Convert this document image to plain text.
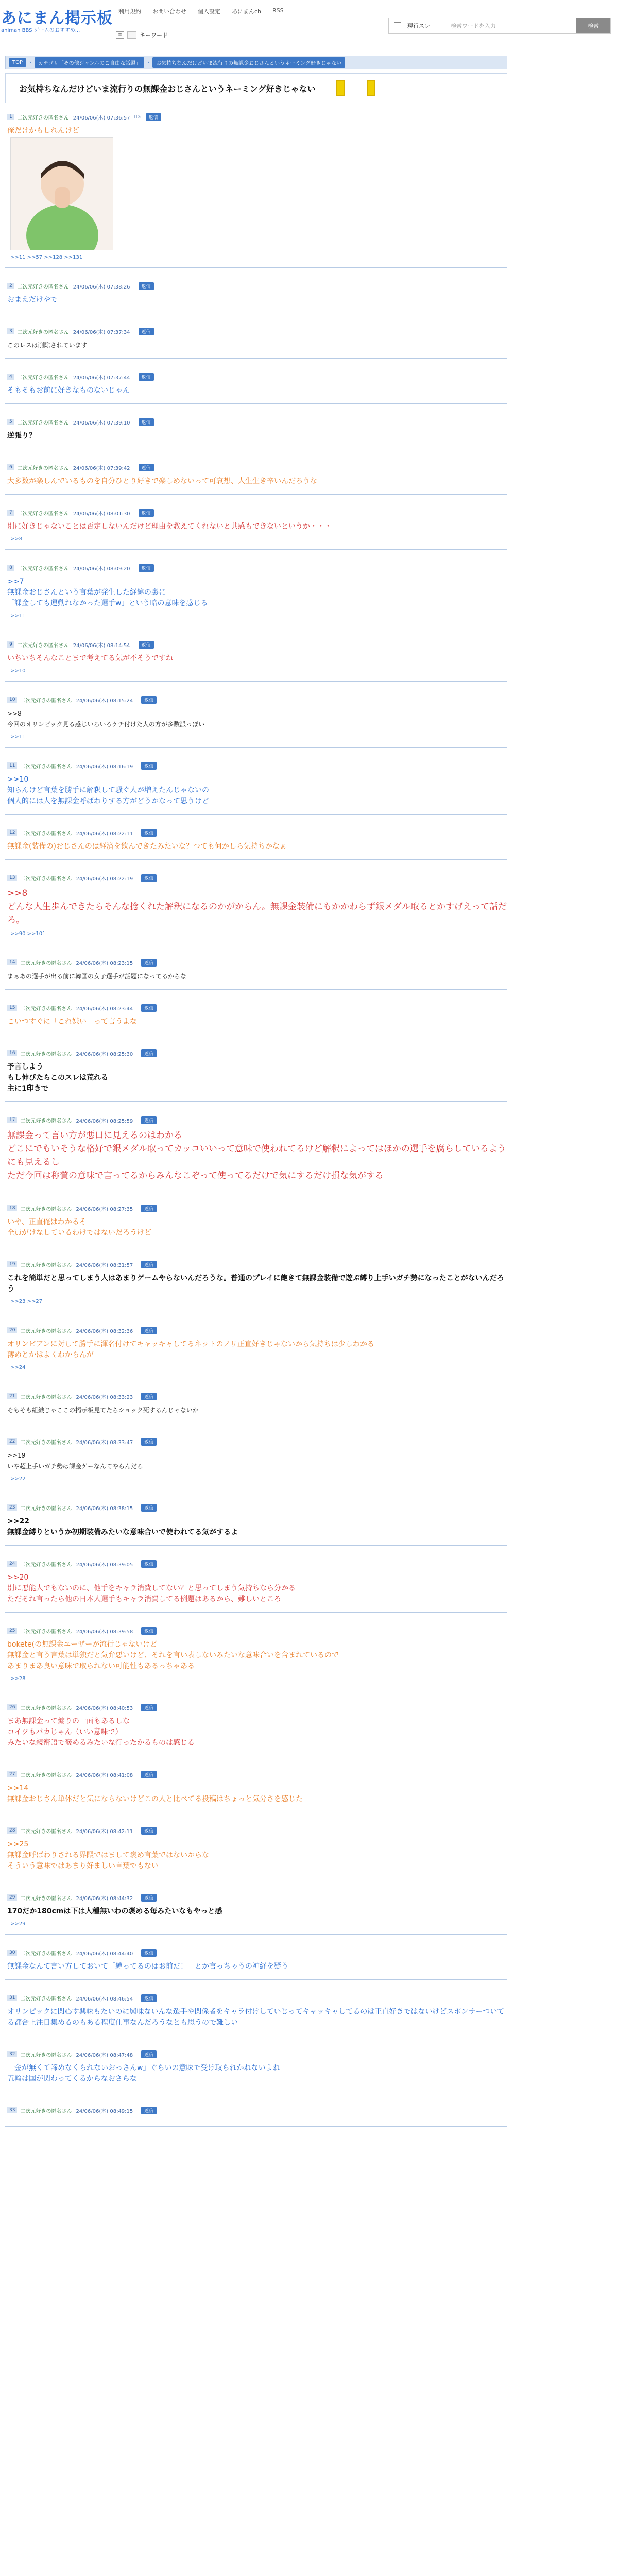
あにまん掲示板
animan BBS ゲームのおすすめ...
利用規約 お問い合わせ 個人設定 あにまんch RSS
≡	キーワード
現行スレ	検索ワードを入力	検索
TOP	›	カテゴリ「その他ジャンルのご自由な話題」	›	お気持ちなんだけどいま流行りの無課金おじさんというネーミング好きじゃない
お気持ちなんだけどいま流行りの無課金おじさんというネーミング好きじゃない
1	二次元好きの匿名さん 24/06/06(木) 07:36:57 ID:	返信
俺だけかもしれんけど
>>11 >>57 >>128 >>131
2	二次元好きの匿名さん 24/06/06(木) 07:38:26	返信
おまえだけやで
3	二次元好きの匿名さん 24/06/06(木) 07:37:34	返信
このレスは削除されています
4	二次元好きの匿名さん 24/06/06(木) 07:37:44	返信
そもそもお前に好きなものないじゃん
5	二次元好きの匿名さん 24/06/06(木) 07:39:10	返信
逆張り？
6	二次元好きの匿名さん 24/06/06(木) 07:39:42	返信
大多数が楽しんでいるものを自分ひとり好きで楽しめないって可哀想、人生生き辛いんだろうな
7	二次元好きの匿名さん 24/06/06(木) 08:01:30	返信
別に好きじゃないことは否定しないんだけど理由を教えてくれないと共感もできないというか・・・
>>8
8	二次元好きの匿名さん 24/06/06(木) 08:09:20	返信
>>7
無課金おじさんという言葉が発生した経緯の裏に
「課金しても運動れなかった選手w」という暗の意味を感じる
>>11
9	二次元好きの匿名さん 24/06/06(木) 08:14:54	返信
いちいちそんなことまで考えてる気が不そうですね
>>10
10	二次元好きの匿名さん 24/06/06(木) 08:15:24	返信
>>8
今回のオリンピック見る感じいろいろケチ付けた人の方が多数派っぽい
>>11
11	二次元好きの匿名さん 24/06/06(木) 08:16:19	返信
>>10
知らんけど言葉を勝手に解釈して騒ぐ人が増えたんじゃないの
個人的には人を無課金呼ばわりする方がどうかなって思うけど
12	二次元好きの匿名さん 24/06/06(木) 08:22:11	返信
無課金(装備の)おじさんのは経済を飲んできたみたいな？つても何かしら気持ちかなぁ
13	二次元好きの匿名さん 24/06/06(木) 08:22:19	返信
>>8
どんな人生歩んできたらそんな捻くれた解釈になるのかがからん。無課金装備にもかかわらず銀メダル取るとかすげえって話だろ。
>>90 >>101
14	二次元好きの匿名さん 24/06/06(木) 08:23:15	返信
まぁあの選手が出る前に韓国の女子選手が話題になってるからな
15	二次元好きの匿名さん 24/06/06(木) 08:23:44	返信
こいつすぐに「これ嫌い」って言うよな
16	二次元好きの匿名さん 24/06/06(木) 08:25:30	返信
予言しよう
もし伸びたらこのスレは荒れる
主に1印きで
17	二次元好きの匿名さん 24/06/06(木) 08:25:59	返信
無課金って言い方が悪口に見えるのはわかる
どこにでもいそうな格好で銀メダル取ってカッコいいって意味で使われてるけど解釈によってはほかの選手を腐らしているようにも見えるし
ただ今回は称賛の意味で言ってるからみんなこぞって使ってるだけで気にするだけ損な気がする
18	二次元好きの匿名さん 24/06/06(木) 08:27:35	返信
いや、正直俺はわかるそ
全員がけなしているわけではないだろうけど
19	二次元好きの匿名さん 24/06/06(木) 08:31:57	返信
これを簡単だと思ってしまう人はあまりゲームやらないんだろうな。普通のプレイに飽きて無課金装備で遊ぶ縛り上手いガチ勢になったことがないんだろう
>>23 >>27
20	二次元好きの匿名さん 24/06/06(木) 08:32:36	返信
オリンピアンに対して勝手に渾名付けてキャッキャしてるネットのノリ正直好きじゃないから気持ちは少しわかる
薄めとかはよくわからんが
>>24
21	二次元好きの匿名さん 24/06/06(木) 08:33:23	返信
そもそも組織じゃここの掲示板見てたらショック死するんじゃないか
22	二次元好きの匿名さん 24/06/06(木) 08:33:47	返信
>>19
いや超上手いガチ勢は課金ゲーなんてやらんだろ
>>22
23	二次元好きの匿名さん 24/06/06(木) 08:38:15	返信
>>22
無課金縛りというか初期装備みたいな意味合いで使われてる気がするよ
24	二次元好きの匿名さん 24/06/06(木) 08:39:05	返信
>>20
別に悪能人でもないのに、他手をキャラ消費してない？と思ってしまう気持ちなら分かる
ただそれ言ったら他の日本人選手もキャラ消費してる例題はあるから、難しいところ
25	二次元好きの匿名さん 24/06/06(木) 08:39:58	返信
bokete(の無課金ユーザーが流行じゃないけど
無課金と言う言葉は単独だと気弁悪いけど、それを言い表しないみたいな意味合いを含まれているので
あまりまあ良い意味で取られない可能性もあるっちゃある
>>28
26	二次元好きの匿名さん 24/06/06(木) 08:40:53	返信
まあ無課金って煽りの一面もあるしな
コイツもバカじゃん（いい意味で）
みたいな親密語で褒めるみたいな行ったかるものは感じる
27	二次元好きの匿名さん 24/06/06(木) 08:41:08	返信
>>14
無課金おじさん単体だと気にならないけどこの人と比べてる投稿はちょっと気分さを感じた
28	二次元好きの匿名さん 24/06/06(木) 08:42:11	返信
>>25
無課金呼ばわりされる界隈ではまして褒め言葉ではないからな
そういう意味ではあまり好ましい言葉でもない
29	二次元好きの匿名さん 24/06/06(木) 08:44:32	返信
170だか180cmは下は人種無いわの褒める毎みたいなもやっと感
>>29
30	二次元好きの匿名さん 24/06/06(木) 08:44:40	返信
無課金なんて言い方しておいて「縛ってるのはお前だ！」とか言っちゃうの神経を疑う
31	二次元好きの匿名さん 24/06/06(木) 08:46:54	返信
オリンピックに関心す興味もたいのに興味ないんな選手や関係者をキャラ付けしていじってキャッキャしてるのは正直好きではないけどスポンサーついてる都合上注目集めるのもある程度仕事なんだろうなとも思うので難しい
32	二次元好きの匿名さん 24/06/06(木) 08:47:48	返信
「金が無くて諦めなくられないおっさんw」ぐらいの意味で受け取られかねないよね
五輪は国が関わってくるからなおさらな
33	二次元好きの匿名さん 24/06/06(木) 08:49:15	返信
